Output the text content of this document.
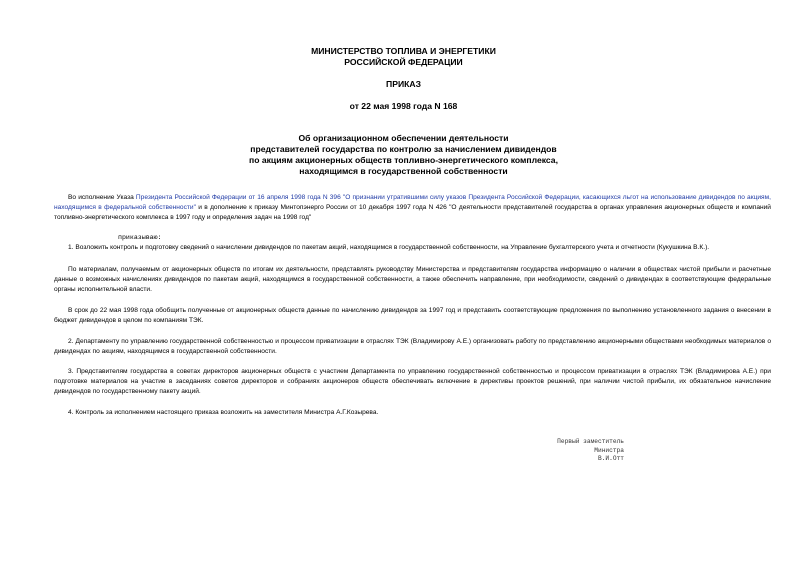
МИНИСТЕРСТВО ТОПЛИВА И ЭНЕРГЕТИКИ
РОССИЙСКОЙ ФЕДЕРАЦИИ
ПРИКАЗ
от 22 мая 1998 года N 168
Об организационном обеспечении деятельности
представителей государства по контролю за начислением дивидендов
по акциям акционерных обществ топливно-энергетического комплекса,
находящимся в государственной собственности
Во исполнение Указа Президента Российской Федерации от 16 апреля 1998 года N 396 "О признании утратившими силу указов Президента Российской Федерации, касающихся льгот на использование дивидендов по акциям, находящимся в федеральной собственности" и в дополнение к приказу Минтопэнерго России от 10 декабря 1997 года N 426 "О деятельности представителей государства в органах управления акционерных обществ и компаний топливно-энергетического комплекса в 1997 году и определения задач на 1998 год"
приказываю:
1. Возложить контроль и подготовку сведений о начислении дивидендов по пакетам акций, находящимся в государственной собственности, на Управление бухгалтерского учета и отчетности (Кукушкина В.К.).
По материалам, получаемым от акционерных обществ по итогам их деятельности, представлять руководству Министерства и представителям государства информацию о наличии в обществах чистой прибыли и расчетные данные о возможных начислениях дивидендов по пакетам акций, находящимся в государственной собственности, а также обеспечить направление, при необходимости, сведений о дивидендах в соответствующие федеральные органы исполнительной власти.
В срок до 22 мая 1998 года обобщить полученные от акционерных обществ данные по начислению дивидендов за 1997 год и представить соответствующие предложения по выполнению установленного задания о внесении в бюджет дивидендов в целом по компаниям ТЭК.
2. Департаменту по управлению государственной собственностью и процессом приватизации в отраслях ТЭК (Владимирову А.Е.) организовать работу по представлению акционерными обществами необходимых материалов о дивидендах по акциям, находящимся в государственной собственности.
3. Представителям государства в советах директоров акционерных обществ с участием Департамента по управлению государственной собственностью и процессом приватизации в отраслях ТЭК (Владимирова А.Е.) при подготовке материалов на участие в заседаниях советов директоров и собраниях акционеров обществ обеспечивать включение в директивы проектов решений, при наличии чистой прибыли, их обязательное начисление дивидендов по государственному пакету акций.
4. Контроль за исполнением настоящего приказа возложить на заместителя Министра А.Г.Козырева.
Первый заместитель
Министра
В.И.Отт
